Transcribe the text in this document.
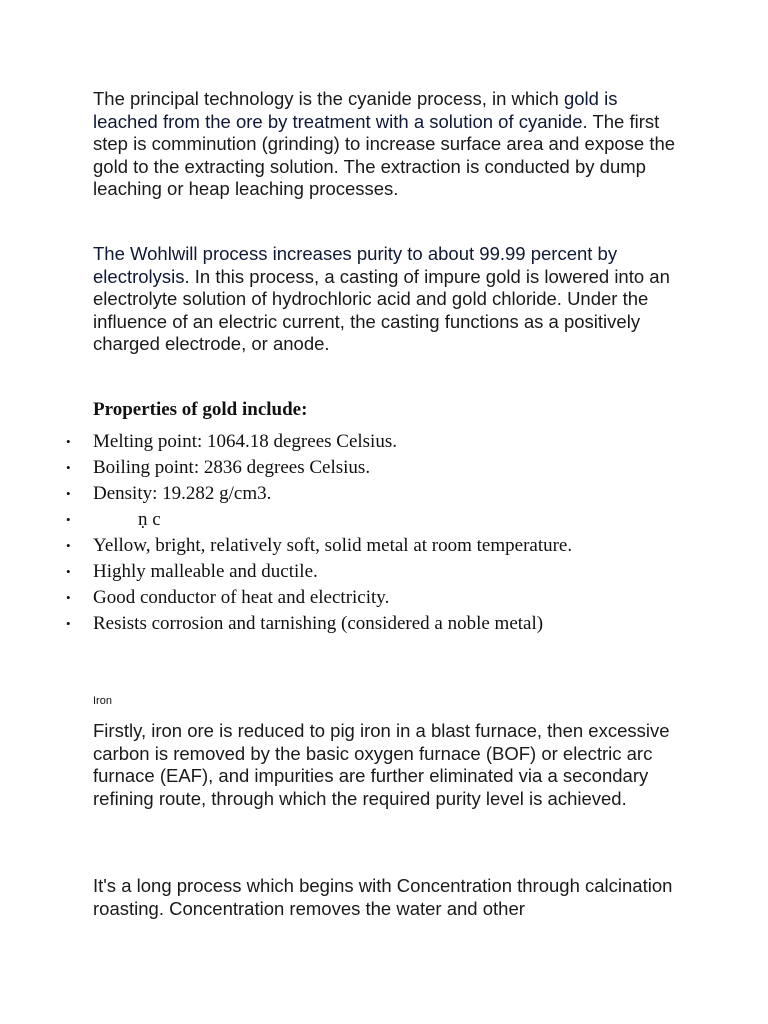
The principal technology is the cyanide process, in which gold is leached from the ore by treatment with a solution of cyanide. The first step is comminution (grinding) to increase surface area and expose the gold to the extracting solution. The extraction is conducted by dump leaching or heap leaching processes.

The Wohlwill process increases purity to about 99.99 percent by electrolysis. In this process, a casting of impure gold is lowered into an electrolyte solution of hydrochloric acid and gold chloride. Under the influence of an electric current, the casting functions as a positively charged electrode, or anode.

Properties of gold include:

• Melting point: 1064.18 degrees Celsius.
• Boiling point: 2836 degrees Celsius.
• Density: 19.282 g/cm3.
•	ṇ c
• Yellow, bright, relatively soft, solid metal at room temperature.
• Highly malleable and ductile.
• Good conductor of heat and electricity.
• Resists corrosion and tarnishing (considered a noble metal)

Iron

Firstly, iron ore is reduced to pig iron in a blast furnace, then excessive carbon is removed by the basic oxygen furnace (BOF) or electric arc furnace (EAF), and impurities are further eliminated via a secondary refining route, through which the required purity level is achieved.

It's a long process which begins with Concentration through calcination roasting. Concentration removes the water and other
